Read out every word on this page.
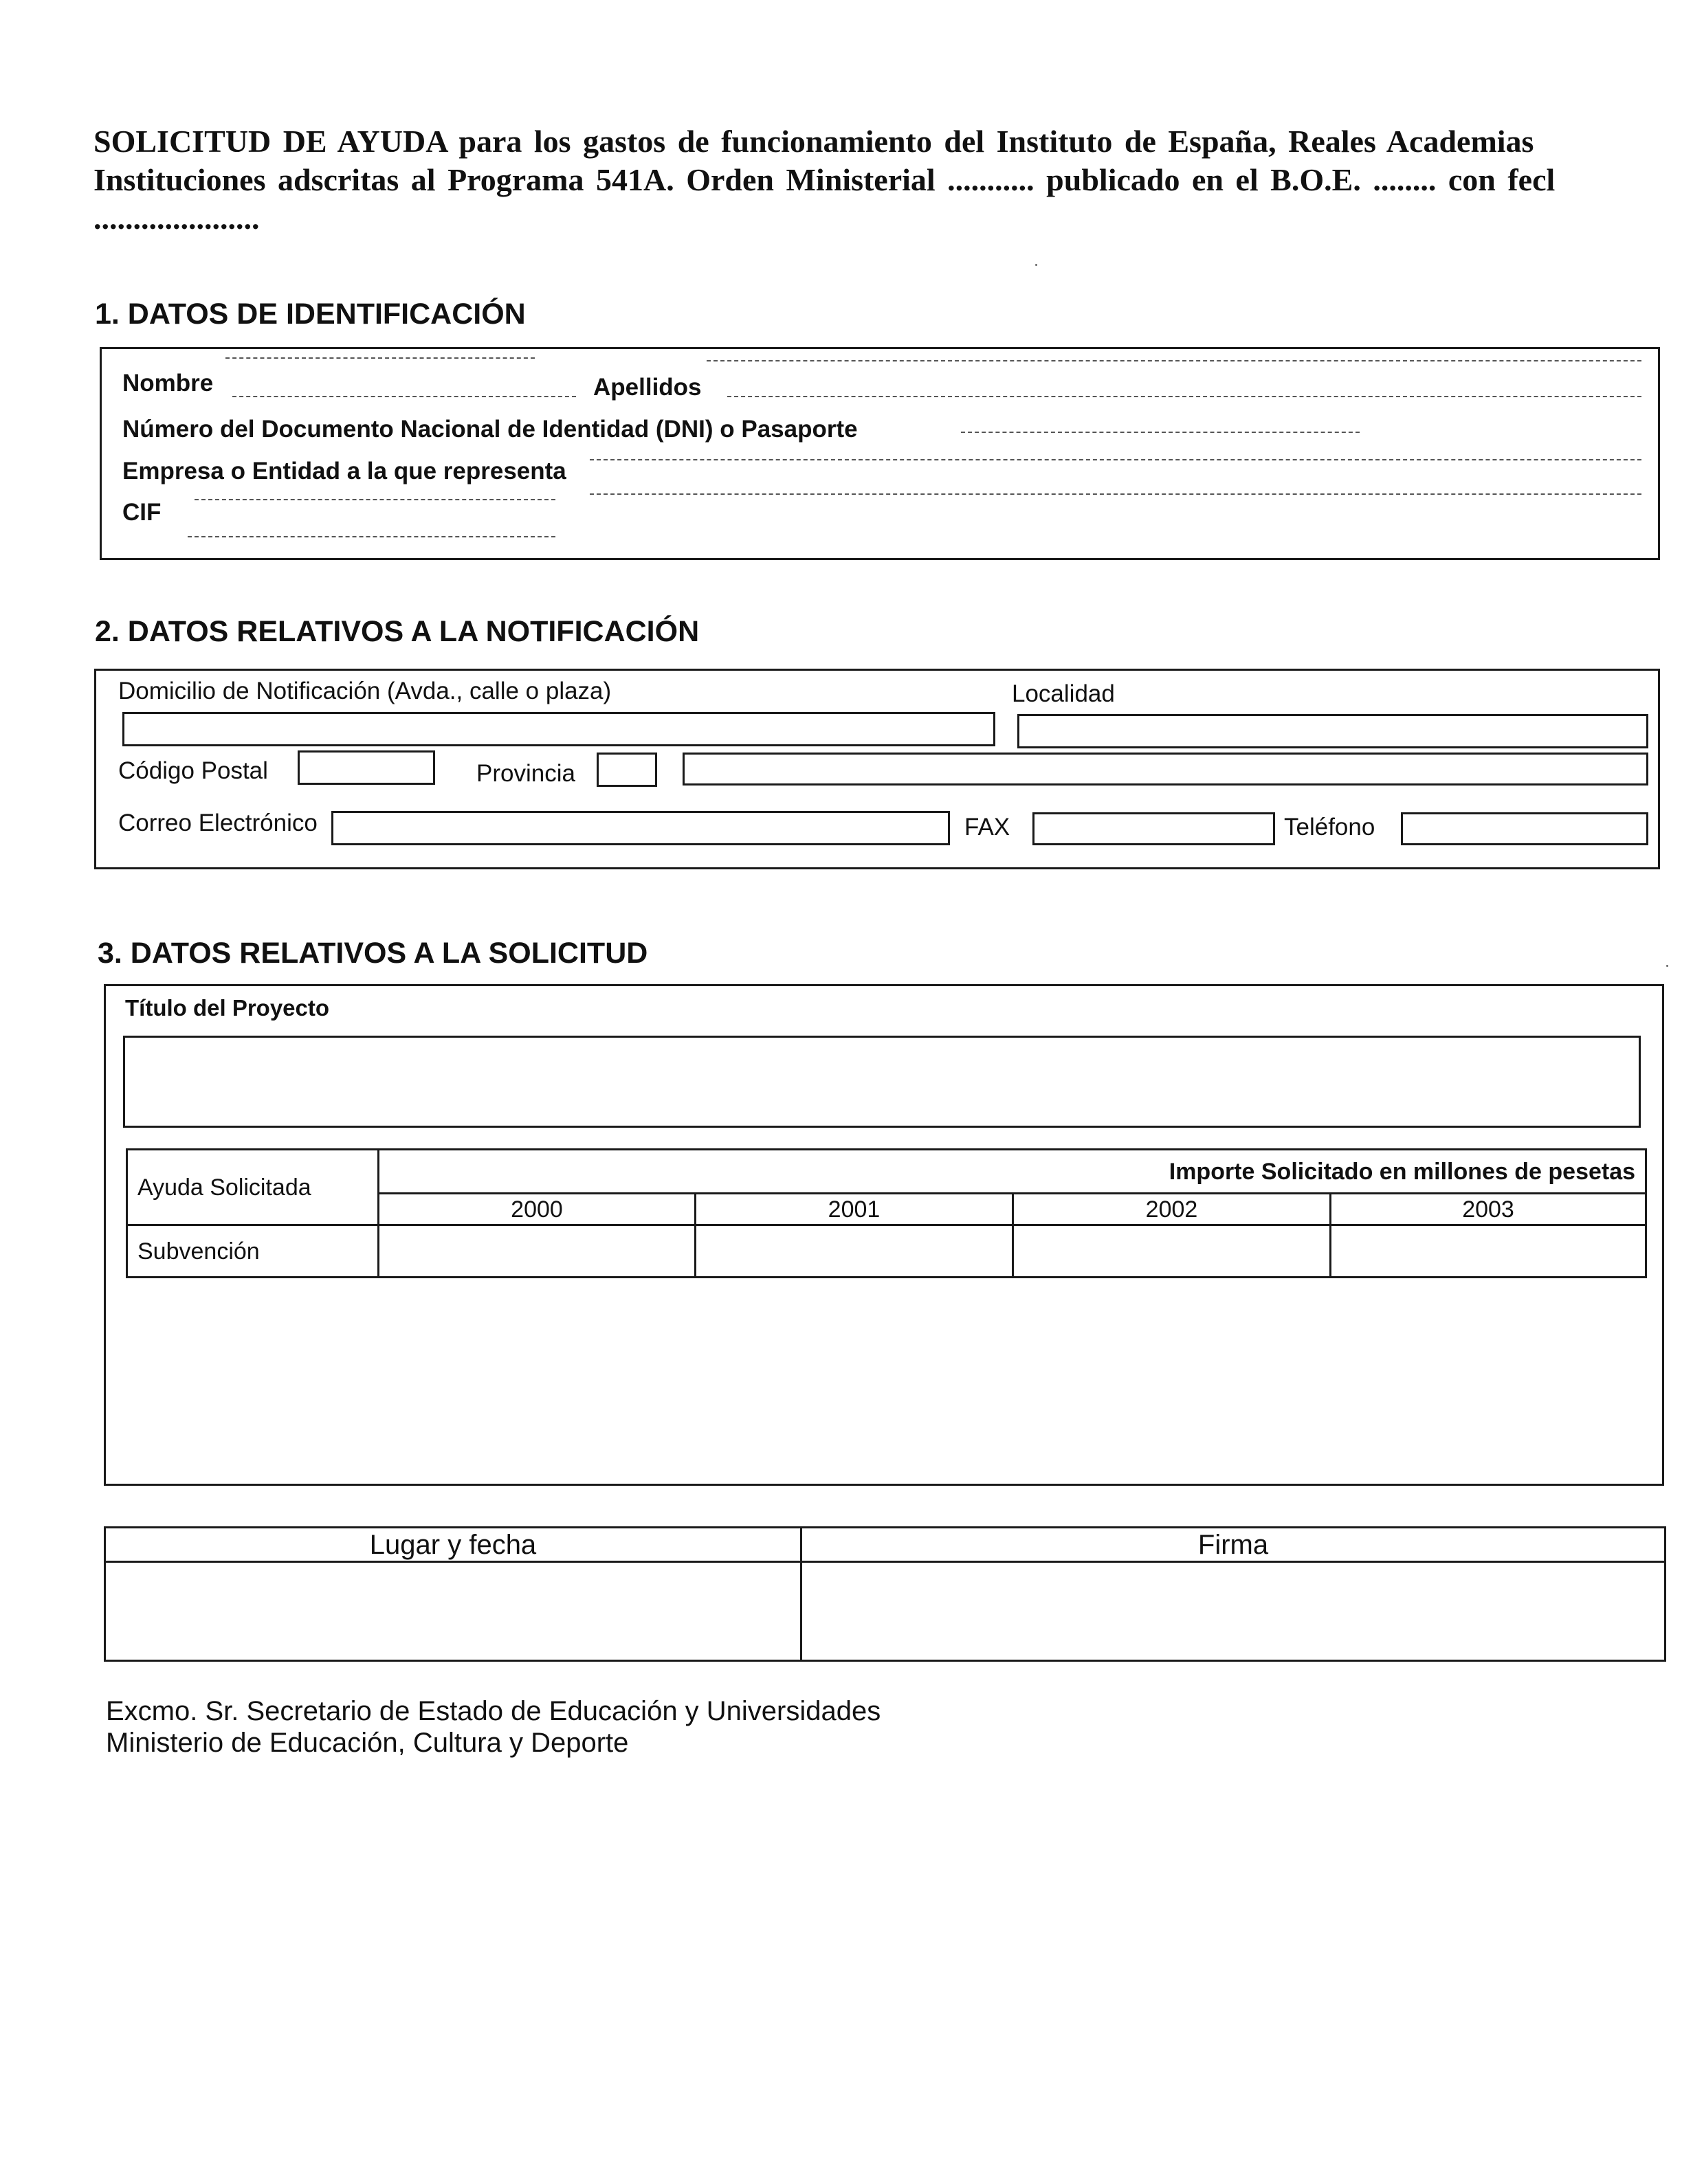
SOLICITUD DE AYUDA para los gastos de funcionamiento del Instituto de España, Reales Academias
Instituciones adscritas al Programa 541A. Orden Ministerial ........... publicado en el B.O.E. ........ con fecl
.....................
1. DATOS DE IDENTIFICACIÓN
Nombre	Apellidos
Número del Documento Nacional de Identidad (DNI) o Pasaporte
Empresa o Entidad a la que representa
CIF
2. DATOS RELATIVOS A LA NOTIFICACIÓN
Domicilio de Notificación (Avda., calle o plaza)	Localidad
Código Postal	Provincia
Correo Electrónico	FAX	Teléfono
3. DATOS RELATIVOS A LA SOLICITUD
Título del Proyecto
Ayuda Solicitada	Importe Solicitado en millones de pesetas			
	2000	2001	2002	2003
Subvención				
Lugar y fecha	Firma

Excmo. Sr. Secretario de Estado de Educación y Universidades
Ministerio de Educación, Cultura y Deporte
